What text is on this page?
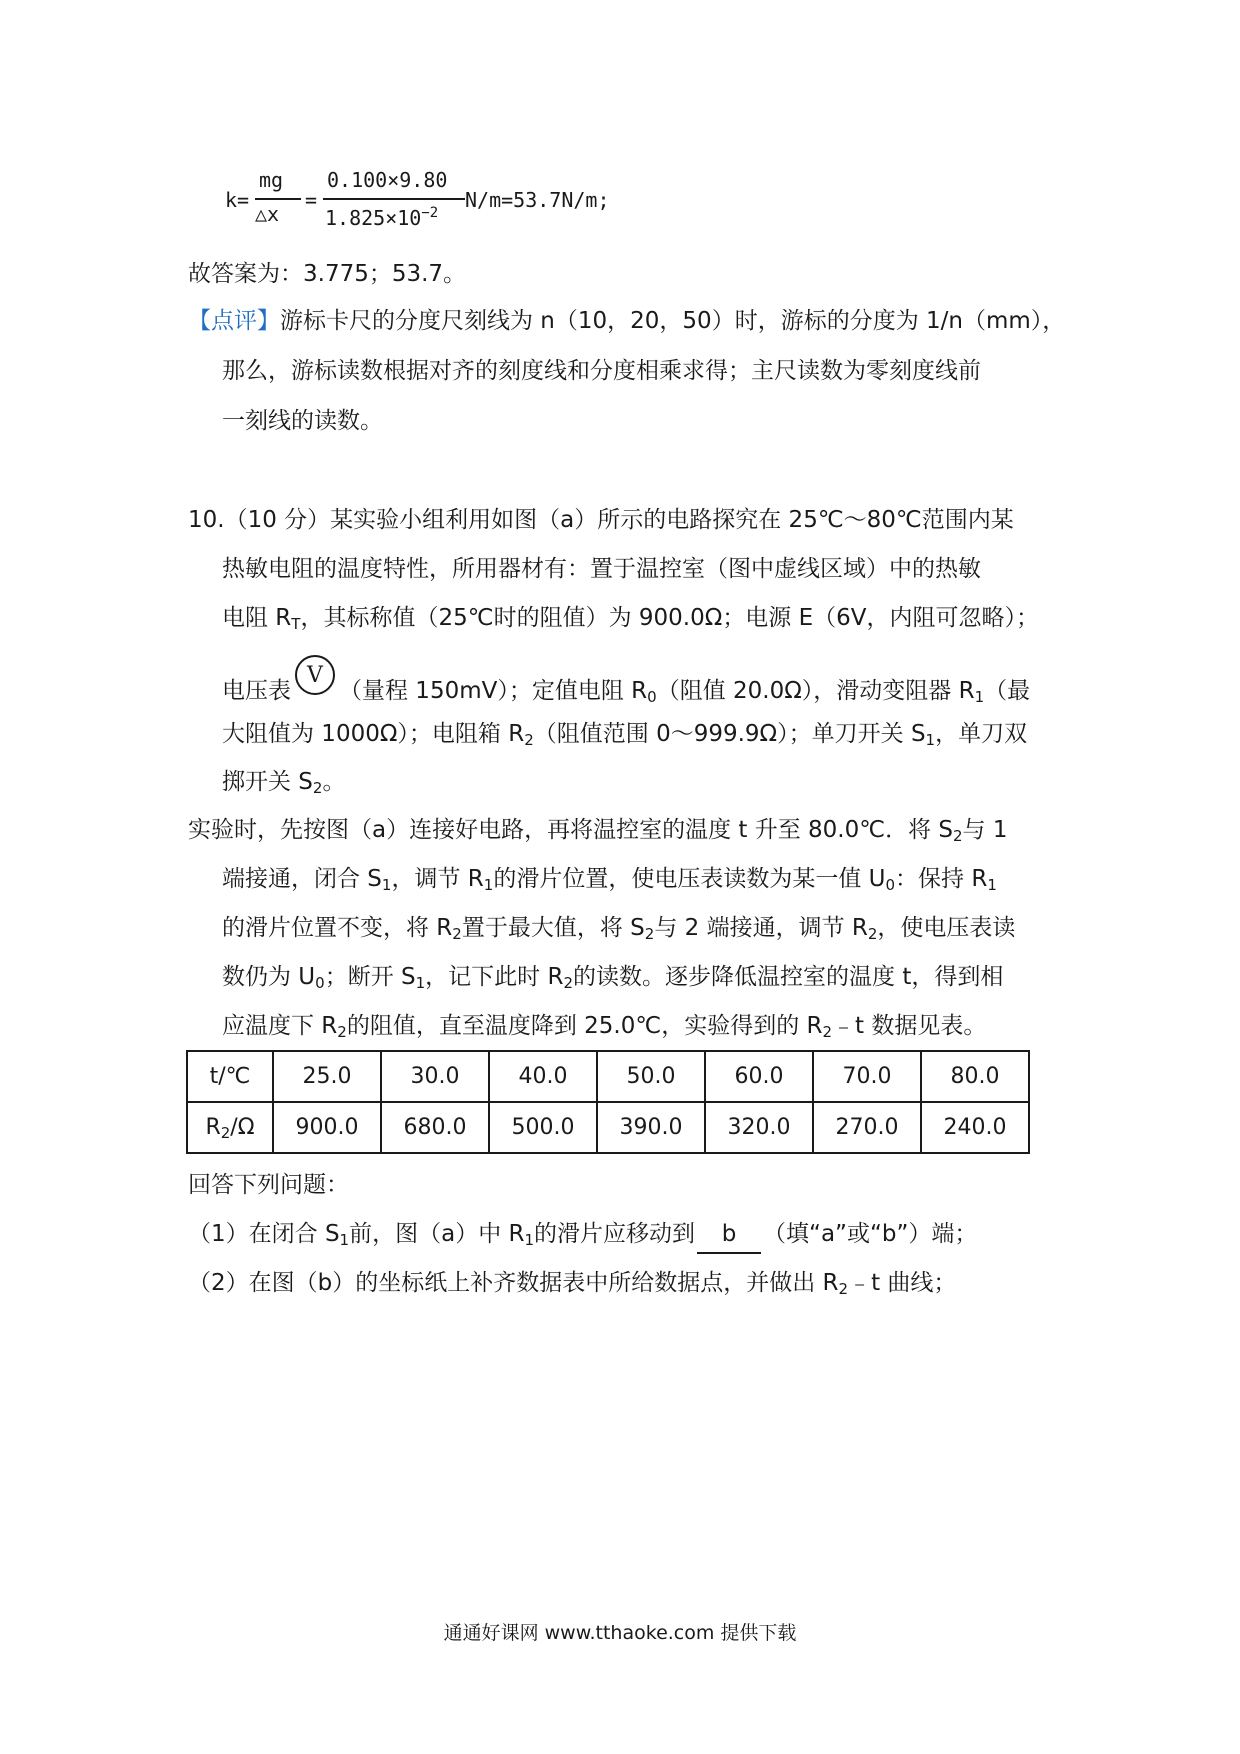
k=
mg
△x
=
0.100×9.80
$1.825\times 10^{-2}$
N/m=53.7N/m;
故答案为：3.775；53.7。
【点评】游标卡尺的分度尺刻线为 n（10，20，50）时，游标的分度为 1/n（mm），
那么，游标读数根据对齐的刻度线和分度相乘求得；主尺读数为零刻度线前
一刻线的读数。
10.（10 分）某实验小组利用如图（a）所示的电路探究在 25℃～80℃范围内某
热敏电阻的温度特性，所用器材有：置于温控室（图中虚线区域）中的热敏
电阻 $R_T$，其标称值（25℃时的阻值）为 900.0Ω；电源 E（6V，内阻可忽略）；
电压表V（量程 150mV）；定值电阻 $R_0$（阻值 20.0Ω），滑动变阻器 $R_1$（最
大阻值为 1000Ω）；电阻箱 $R_2$（阻值范围 0～999.9Ω）；单刀开关 $S_1$，单刀双
掷开关 $S_2$。
实验时，先按图（a）连接好电路，再将温控室的温度 t 升至 80.0℃．将 $S_2$与 1
端接通，闭合 $S_1$，调节 $R_1$的滑片位置，使电压表读数为某一值 $U_0$：保持 $R_1$
的滑片位置不变，将 $R_2$置于最大值，将 $S_2$与 2 端接通，调节 $R_2$，使电压表读
数仍为 $U_0$；断开 $S_1$，记下此时 $R_2$的读数。逐步降低温控室的温度 t，得到相
应温度下 $R_2$的阻值，直至温度降到 25.0℃，实验得到的 $R_2﹣t$ 数据见表。
t/℃	25.0	30.0	40.0	50.0	60.0	70.0	80.0
$R_2/\Omega$	900.0	680.0	500.0	390.0	320.0	270.0	240.0
回答下列问题：
（1）在闭合 $S_1$前，图（a）中 $R_1$的滑片应移动到 b （填“a”或“b”）端；
（2）在图（b）的坐标纸上补齐数据表中所给数据点，并做出 $R_2﹣t$ 曲线；
通通好课网 www.tthaoke.com 提供下载
